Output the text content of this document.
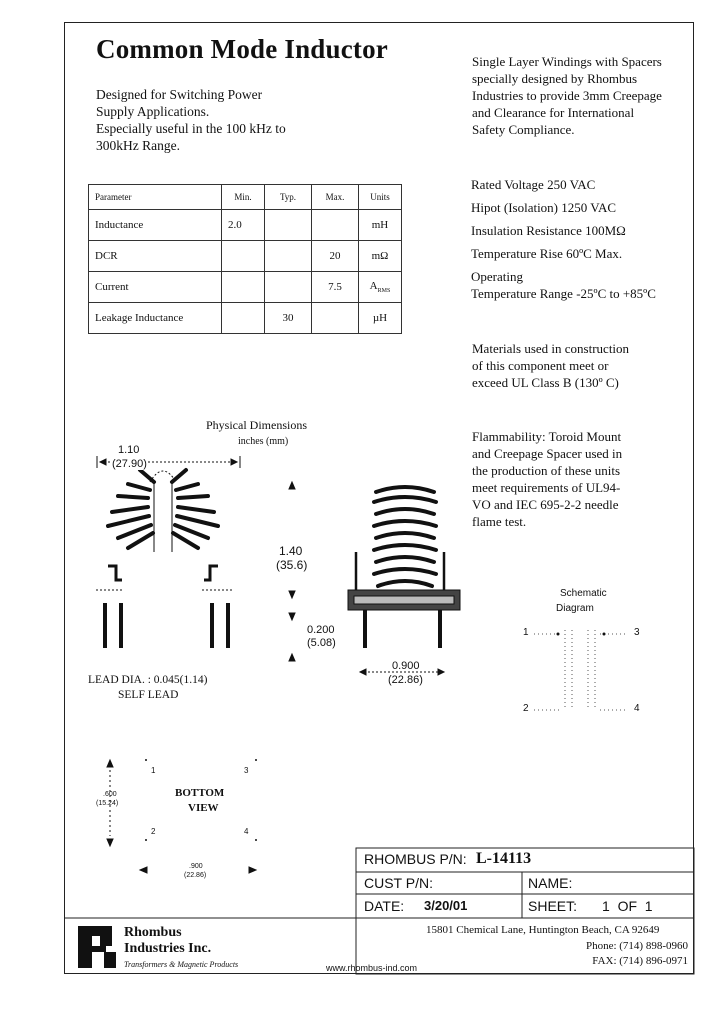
Common Mode Inductor
Designed for Switching Power
Supply Applications.
Especially useful in the 100 kHz to
300kHz Range.
Single Layer Windings with Spacers
specially designed by Rhombus
Industries to provide 3mm Creepage
and Clearance for International
Safety Compliance.
Parameter	Min.	Typ.	Max.	Units
Inductance	2.0			mH
DCR			20	mΩ
Current			7.5	$A_{RMS}$
Leakage Inductance		30		µH
Rated Voltage 250 VAC
Hipot (Isolation) 1250 VAC
Insulation Resistance 100MΩ
Temperature Rise 60ºC Max.
Operating
Temperature Range -25ºC to +85ºC
Materials used in construction
of this component meet or
exceed UL Class B (130º C)
Flammability: Toroid Mount
and Creepage Spacer used in
the production of these units
meet requirements of UL94-
VO and IEC 695-2-2 needle
flame test.
Physical Dimensions
inches (mm)
1.10
(27.90)
1.40
(35.6)
0.200
(5.08)
0.900
(22.86)
LEAD DIA. : 0.045(1.14)
SELF LEAD
BOTTOM
VIEW
1	3
2	4
.600
(15.24)
.900
(22.86)
Schematic
Diagram
1
2
3
4
RHOMBUS P/N: L-14113
CUST P/N:	NAME:
DATE: 3/20/01	SHEET: 1  OF  1
Rhombus
Industries Inc.
Transformers & Magnetic Products
15801 Chemical Lane, Huntington Beach, CA 92649
Phone: (714) 898-0960
FAX: (714) 896-0971
www.rhombus-ind.com
